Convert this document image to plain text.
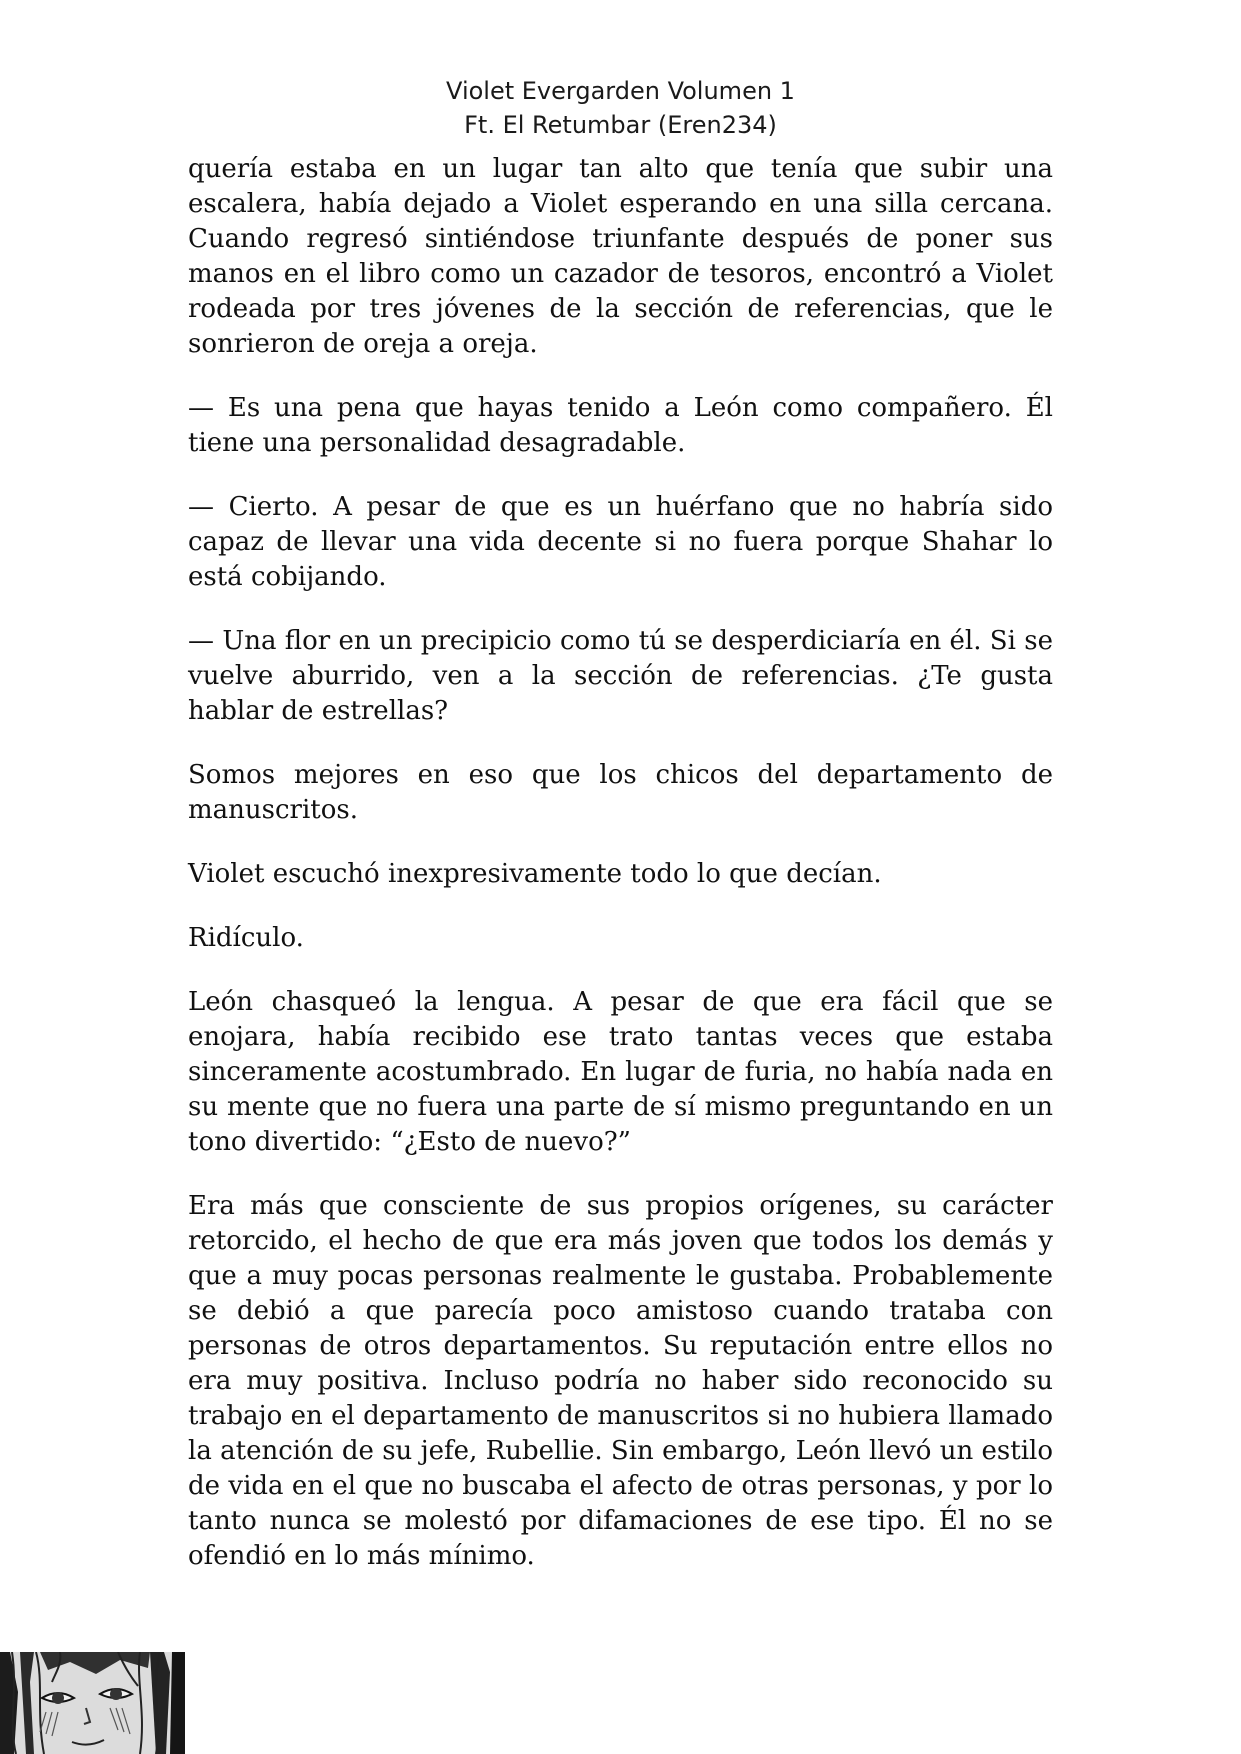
Violet Evergarden Volumen 1
Ft. El Retumbar (Eren234)

quería estaba en un lugar tan alto que tenía que subir una escalera, había dejado a Violet esperando en una silla cercana. Cuando regresó sintiéndose triunfante después de poner sus manos en el libro como un cazador de tesoros, encontró a Violet rodeada por tres jóvenes de la sección de referencias, que le sonrieron de oreja a oreja.

— Es una pena que hayas tenido a León como compañero. Él tiene una personalidad desagradable.

— Cierto. A pesar de que es un huérfano que no habría sido capaz de llevar una vida decente si no fuera porque Shahar lo está cobijando.

— Una flor en un precipicio como tú se desperdiciaría en él. Si se vuelve aburrido, ven a la sección de referencias. ¿Te gusta hablar de estrellas?

Somos mejores en eso que los chicos del departamento de manuscritos.

Violet escuchó inexpresivamente todo lo que decían.

Ridículo.

León chasqueó la lengua. A pesar de que era fácil que se enojara, había recibido ese trato tantas veces que estaba sinceramente acostumbrado. En lugar de furia, no había nada en su mente que no fuera una parte de sí mismo preguntando en un tono divertido: “¿Esto de nuevo?”

Era más que consciente de sus propios orígenes, su carácter retorcido, el hecho de que era más joven que todos los demás y que a muy pocas personas realmente le gustaba. Probablemente se debió a que parecía poco amistoso cuando trataba con personas de otros departamentos. Su reputación entre ellos no era muy positiva. Incluso podría no haber sido reconocido su trabajo en el departamento de manuscritos si no hubiera llamado la atención de su jefe, Rubellie. Sin embargo, León llevó un estilo de vida en el que no buscaba el afecto de otras personas, y por lo tanto nunca se molestó por difamaciones de ese tipo. Él no se ofendió en lo más mínimo.
